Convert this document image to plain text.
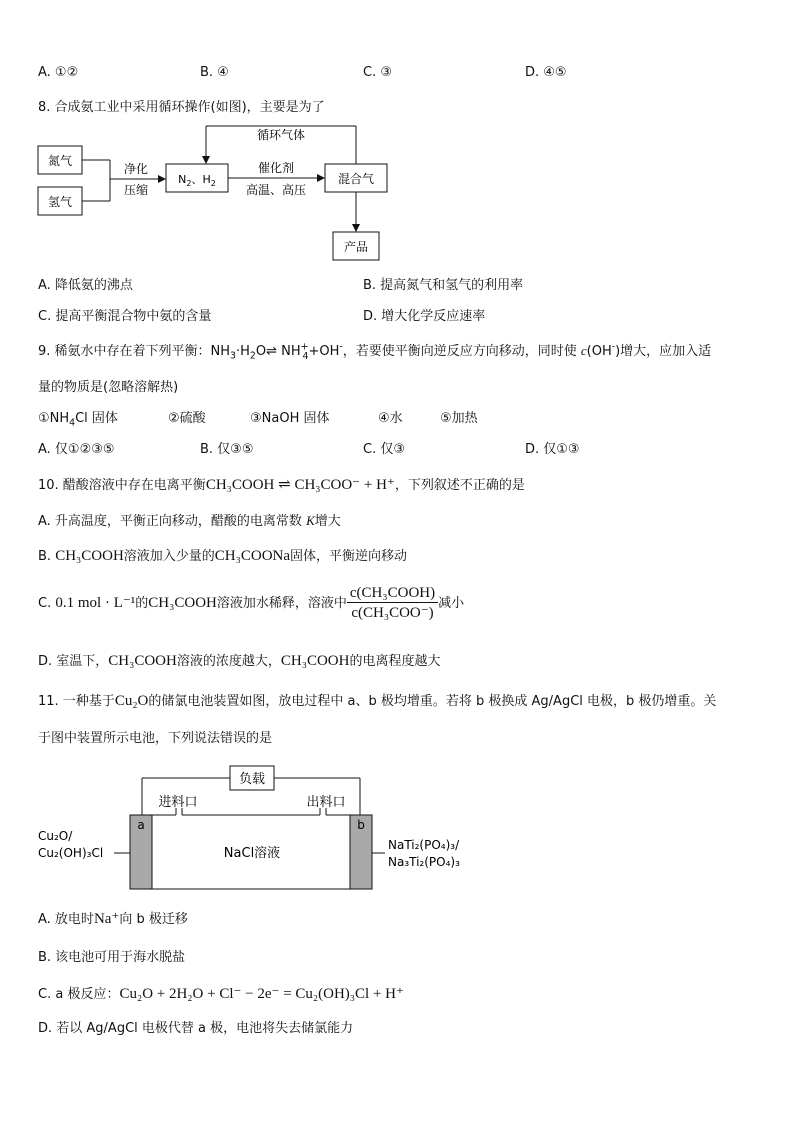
A. ①②	B. ④	C. ③	D. ④⑤
8. 合成氨工业中采用循环操作(如图)，主要是为了
氮气
氢气
净化
压缩
$N_2$、$H_2$
催化剂
高温、高压
混合气
循环气体
产品
A. 降低氨的沸点	B. 提高氮气和氢气的利用率
C. 提高平衡混合物中氨的含量	D. 增大化学反应速率
9. 稀氨水中存在着下列平衡：$NH_3\cdot H_2O\rightleftharpoons$ $NH^+_4+OH^-$，若要使平衡向逆反应方向移动，同时使 c(OH-)增大，应加入适
量的物质是(忽略溶解热)
$①NH_4Cl$ 固体	②硫酸	③NaOH 固体	④水	⑤加热
A. 仅①②③⑤	B. 仅③⑤	C. 仅③	D. 仅①③
10. 醋酸溶液中存在电离平衡CH₃COOH ⇌ CH₃COO⁻ + H⁺，下列叙述不正确的是
A. 升高温度，平衡正向移动，醋酸的电离常数 K增大
B. CH₃COOH溶液加入少量的CH₃COONa固体，平衡逆向移动
C. 0.1 mol · L⁻¹的CH₃COOH溶液加水稀释，溶液中 $\frac{\text{c(CH₃COOH)}}{\text{c(CH₃COO⁻)}}$ 减小
D. 室温下，CH₃COOH溶液的浓度越大，CH₃COOH的电离程度越大
11. 一种基于Cu₂O的储氯电池装置如图，放电过程中 a、b 极均增重。若将 b 极换成 Ag/AgCl 电极，b 极仍增重。关
于图中装置所示电池，下列说法错误的是
负载
进料口	出料口
a	b
NaCl溶液
Cu₂O/
Cu₂(OH)₃Cl
NaTi₂(PO₄)₃/
Na₃Ti₂(PO₄)₃
A. 放电时Na⁺向 b 极迁移
B. 该电池可用于海水脱盐
C. a 极反应：Cu₂O + 2H₂O + Cl⁻ − 2e⁻ = Cu₂(OH)₃Cl + H⁺
D. 若以 Ag/AgCl 电极代替 a 极，电池将失去储氯能力
